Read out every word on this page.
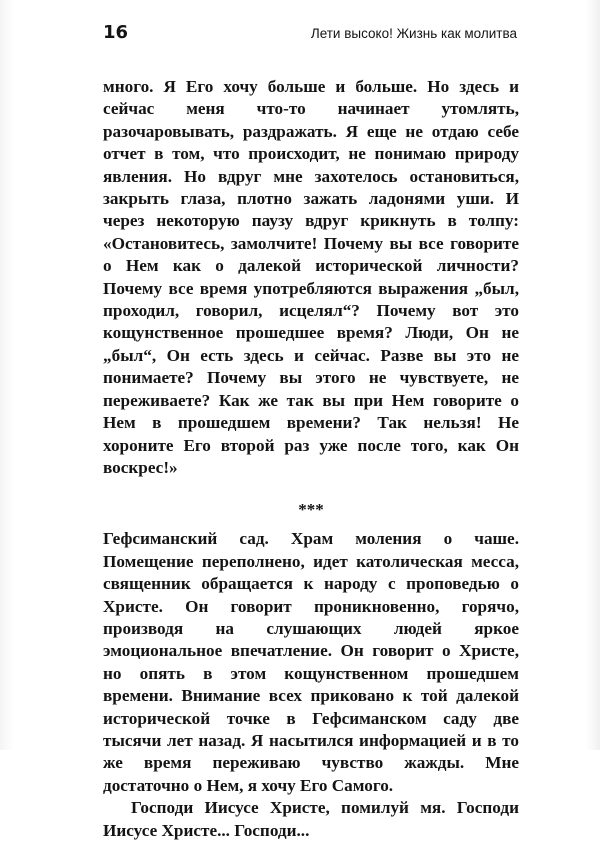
16	Лети высоко! Жизнь как молитва

много. Я Его хочу больше и больше. Но здесь и сейчас меня что-то начинает утомлять, разочаровывать, раздражать. Я еще не отдаю себе отчет в том, что происходит, не понимаю природу явления. Но вдруг мне захотелось остановиться, закрыть глаза, плотно зажать ладонями уши. И через некоторую паузу вдруг крикнуть в толпу: «Остановитесь, замолчите! Почему вы все говорите о Нем как о далекой исторической личности? Почему все время употребляются выражения „был, проходил, говорил, исцелял“? Почему вот это кощунственное прошедшее время? Люди, Он не „был“, Он есть здесь и сейчас. Разве вы это не понимаете? Почему вы этого не чувствуете, не переживаете? Как же так вы при Нем говорите о Нем в прошедшем времени? Так нельзя! Не хороните Его второй раз уже после того, как Он воскрес!»

***

Гефсиманский сад. Храм моления о чаше. Помещение переполнено, идет католическая месса, священник обращается к народу с проповедью о Христе. Он говорит проникновенно, горячо, производя на слушающих людей яркое эмоциональное впечатление. Он говорит о Христе, но опять в этом кощунственном прошедшем времени. Внимание всех приковано к той далекой исторической точке в Гефсиманском саду две тысячи лет назад. Я насытился информацией и в то же время переживаю чувство жажды. Мне достаточно о Нем, я хочу Его Самого.

Господи Иисусе Христе, помилуй мя. Господи Иисусе Христе... Господи...
